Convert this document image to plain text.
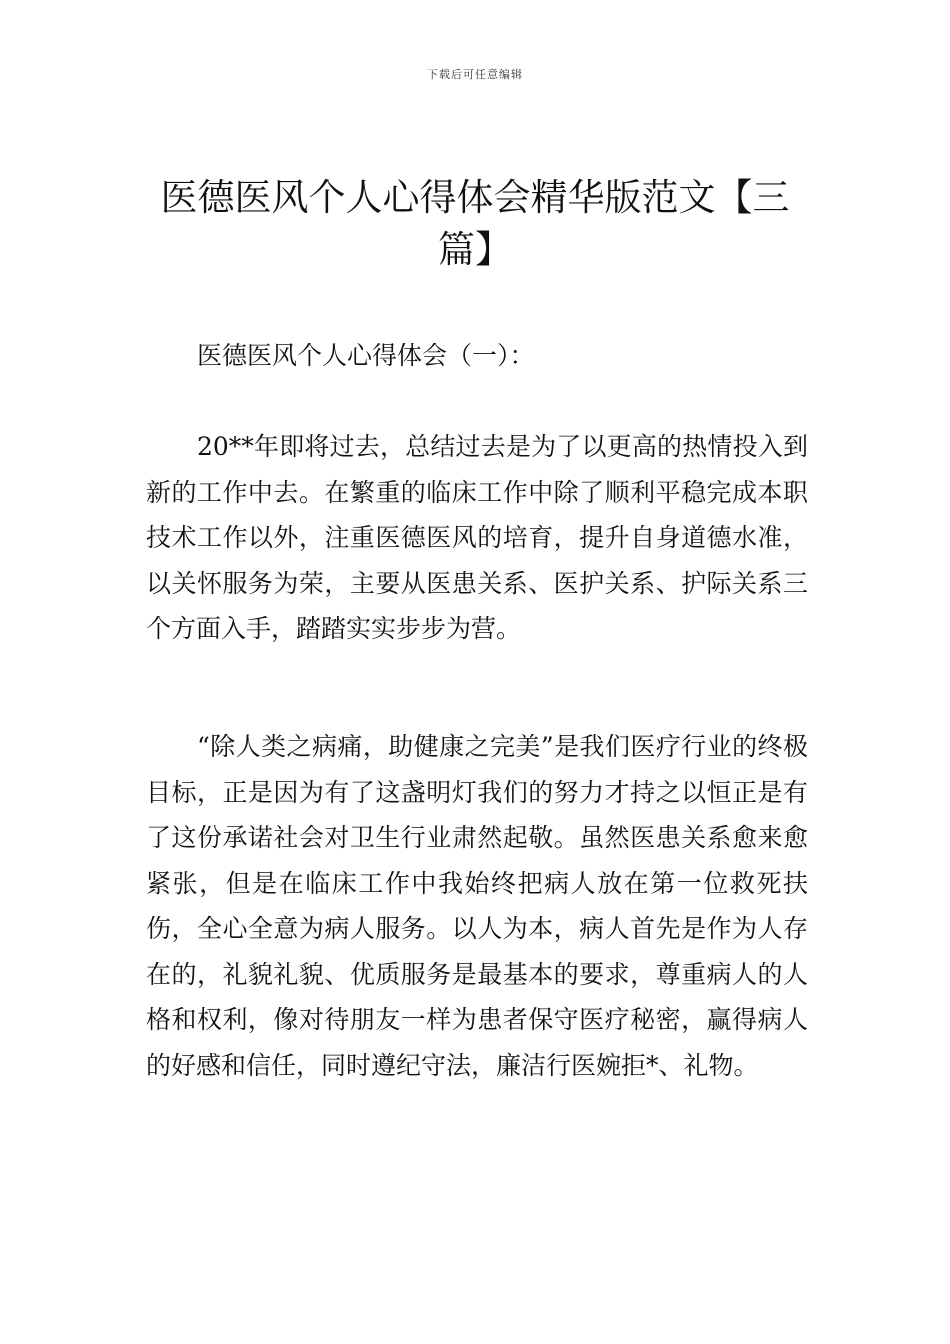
下载后可任意编辑
医德医风个人心得体会精华版范文【三篇】

医德医风个人心得体会（一）：

20**年即将过去，总结过去是为了以更高的热情投入到新的工作中去。在繁重的临床工作中除了顺利平稳完成本职技术工作以外，注重医德医风的培育，提升自身道德水准，以关怀服务为荣，主要从医患关系、医护关系、护际关系三个方面入手，踏踏实实步步为营。

“除人类之病痛，助健康之完美”是我们医疗行业的终极目标，正是因为有了这盏明灯我们的努力才持之以恒正是有了这份承诺社会对卫生行业肃然起敬。虽然医患关系愈来愈紧张，但是在临床工作中我始终把病人放在第一位救死扶伤，全心全意为病人服务。以人为本，病人首先是作为人存在的，礼貌礼貌、优质服务是最基本的要求，尊重病人的人格和权利，像对待朋友一样为患者保守医疗秘密，赢得病人的好感和信任，同时遵纪守法，廉洁行医婉拒*、礼物。
